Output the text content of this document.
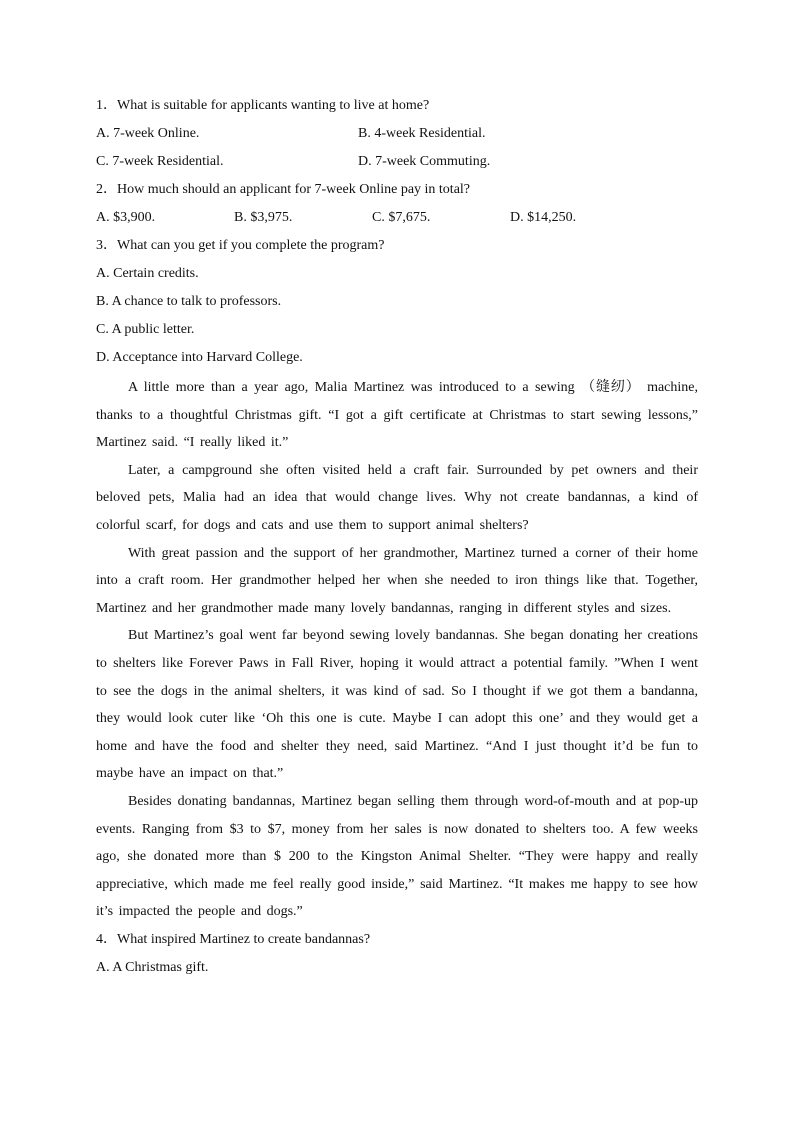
1．What is suitable for applicants wanting to live at home?
A. 7-week Online.	B. 4-week Residential.
C. 7-week Residential.	D. 7-week Commuting.
2．How much should an applicant for 7-week Online pay in total?
A. $3,900.	B. $3,975.	C. $7,675.	D. $14,250.
3．What can you get if you complete the program?
A. Certain credits.
B. A chance to talk to professors.
C. A public letter.
D. Acceptance into Harvard College.

A little more than a year ago, Malia Martinez was introduced to a sewing （缝纫） machine, thanks to a thoughtful Christmas gift. “I got a gift certificate at Christmas to start sewing lessons,” Martinez said. “I really liked it.”

Later, a campground she often visited held a craft fair. Surrounded by pet owners and their beloved pets, Malia had an idea that would change lives. Why not create bandannas, a kind of colorful scarf, for dogs and cats and use them to support animal shelters?

With great passion and the support of her grandmother, Martinez turned a corner of their home into a craft room. Her grandmother helped her when she needed to iron things like that. Together, Martinez and her grandmother made many lovely bandannas, ranging in different styles and sizes.

But Martinez’s goal went far beyond sewing lovely bandannas. She began donating her creations to shelters like Forever Paws in Fall River, hoping it would attract a potential family. ”When I went to see the dogs in the animal shelters, it was kind of sad. So I thought if we got them a bandanna, they would look cuter like ‘Oh this one is cute. Maybe I can adopt this one’ and they would get a home and have the food and shelter they need, said Martinez. “And I just thought it’d be fun to maybe have an impact on that.”

Besides donating bandannas, Martinez began selling them through word-of-mouth and at pop-up events. Ranging from $3 to $7, money from her sales is now donated to shelters too. A few weeks ago, she donated more than $ 200 to the Kingston Animal Shelter. “They were happy and really appreciative, which made me feel really good inside,” said Martinez. “It makes me happy to see how it’s impacted the people and dogs.”

4．What inspired Martinez to create bandannas?
A. A Christmas gift.
